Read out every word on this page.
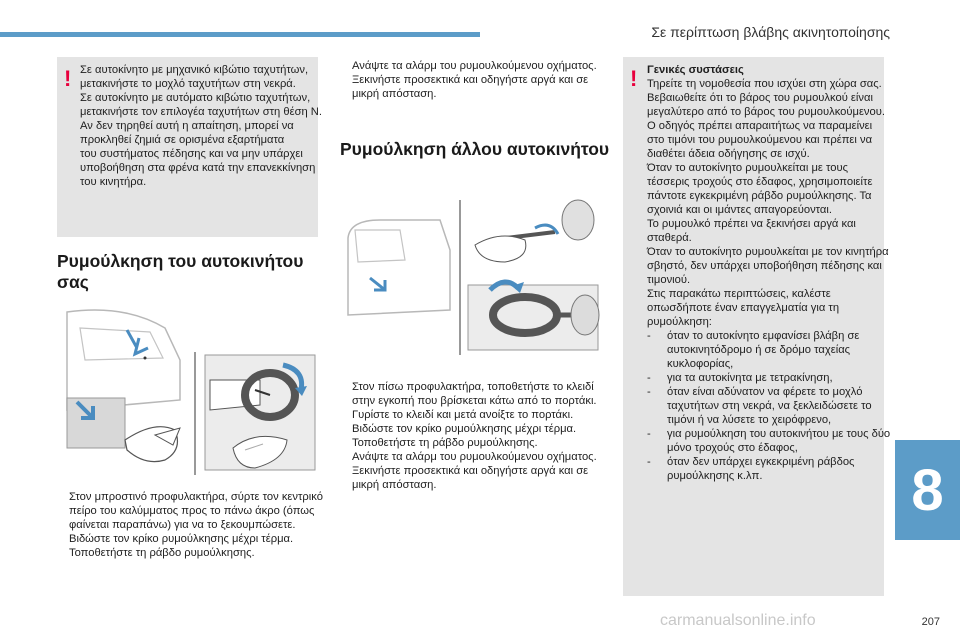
Σε περίπτωση βλάβης ακινητοποίησης
! Σε αυτοκίνητο με μηχανικό κιβώτιο ταχυτήτων,
μετακινήστε το μοχλό ταχυτήτων στη νεκρά.
Σε αυτοκίνητο με αυτόματο κιβώτιο ταχυτήτων,
μετακινήστε τον επιλογέα ταχυτήτων στη θέση N.
Αν δεν τηρηθεί αυτή η απαίτηση, μπορεί να
προκληθεί ζημιά σε ορισμένα εξαρτήματα
του συστήματος πέδησης και να μην υπάρχει
υποβοήθηση στα φρένα κατά την επανεκκίνηση
του κινητήρα.
Ρυμούλκηση του αυτοκινήτου
σας
Στον μπροστινό προφυλακτήρα, σύρτε τον κεντρικό
πείρο του καλύμματος προς το πάνω άκρο (όπως
φαίνεται παραπάνω) για να το ξεκουμπώσετε.
Βιδώστε τον κρίκο ρυμούλκησης μέχρι τέρμα.
Τοποθετήστε τη ράβδο ρυμούλκησης.
Ανάψτε τα αλάρμ του ρυμουλκούμενου οχήματος.
Ξεκινήστε προσεκτικά και οδηγήστε αργά και σε
μικρή απόσταση.
Ρυμούλκηση άλλου αυτοκινήτου
Στον πίσω προφυλακτήρα, τοποθετήστε το κλειδί
στην εγκοπή που βρίσκεται κάτω από το πορτάκι.
Γυρίστε το κλειδί και μετά ανοίξτε το πορτάκι.
Βιδώστε τον κρίκο ρυμούλκησης μέχρι τέρμα.
Τοποθετήστε τη ράβδο ρυμούλκησης.
Ανάψτε τα αλάρμ του ρυμουλκούμενου οχήματος.
Ξεκινήστε προσεκτικά και οδηγήστε αργά και σε
μικρή απόσταση.
! Γενικές συστάσεις
Τηρείτε τη νομοθεσία που ισχύει στη χώρα σας.
Βεβαιωθείτε ότι το βάρος του ρυμουλκού είναι
μεγαλύτερο από το βάρος του ρυμουλκούμενου.
Ο οδηγός πρέπει απαραιτήτως να παραμείνει
στο τιμόνι του ρυμουλκούμενου και πρέπει να
διαθέτει άδεια οδήγησης σε ισχύ.
Όταν το αυτοκίνητο ρυμουλκείται με τους
τέσσερις τροχούς στο έδαφος, χρησιμοποιείτε
πάντοτε εγκεκριμένη ράβδο ρυμούλκησης. Τα
σχοινιά και οι ιμάντες απαγορεύονται.
Το ρυμουλκό πρέπει να ξεκινήσει αργά και
σταθερά.
Όταν το αυτοκίνητο ρυμουλκείται με τον κινητήρα
σβηστό, δεν υπάρχει υποβοήθηση πέδησης και
τιμονιού.
Στις παρακάτω περιπτώσεις, καλέστε
οπωσδήποτε έναν επαγγελματία για τη
ρυμούλκηση:
- όταν το αυτοκίνητο εμφανίσει βλάβη σε
αυτοκινητόδρομο ή σε δρόμο ταχείας
κυκλοφορίας,
- για τα αυτοκίνητα με τετρακίνηση,
- όταν είναι αδύνατον να φέρετε το μοχλό
ταχυτήτων στη νεκρά, να ξεκλειδώσετε το
τιμόνι ή να λύσετε το χειρόφρενο,
- για ρυμούλκηση του αυτοκινήτου με τους δύο
μόνο τροχούς στο έδαφος,
- όταν δεν υπάρχει εγκεκριμένη ράβδος
ρυμούλκησης κ.λπ.	8
carmanualsonline.info	207
